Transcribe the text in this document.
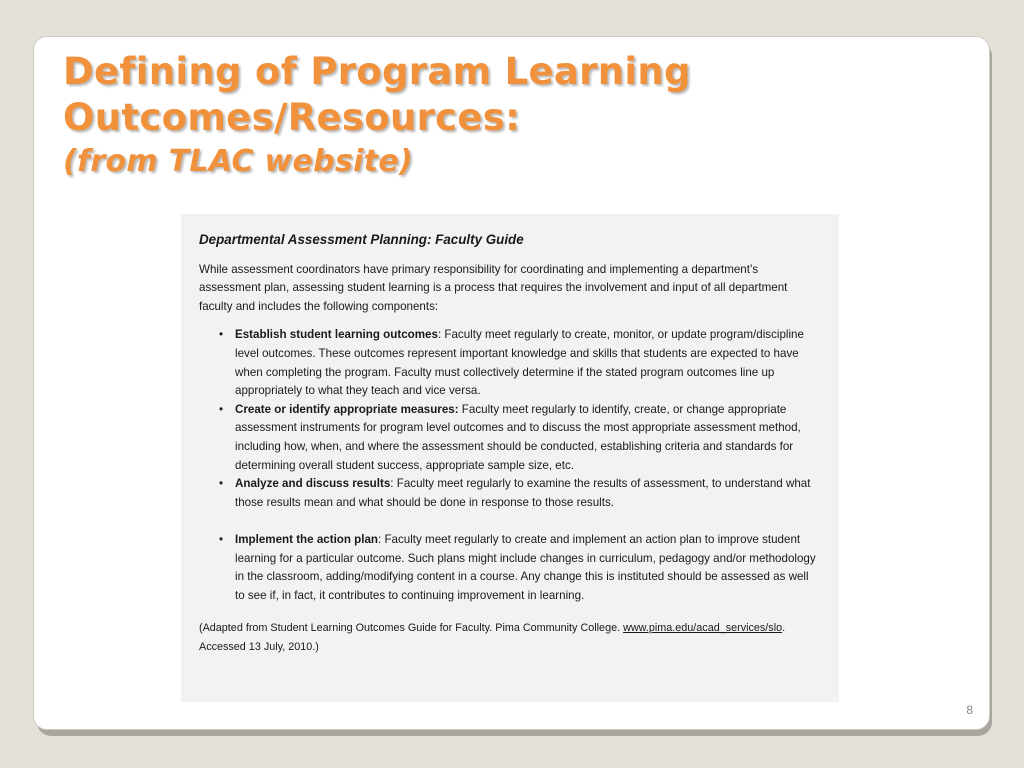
Defining of Program Learning
Outcomes/Resources:
(from TLAC website)
Departmental Assessment Planning: Faculty Guide

While assessment coordinators have primary responsibility for coordinating and implementing a department’s assessment plan, assessing student learning is a process that requires the involvement and input of all department faculty and includes the following components:

• Establish student learning outcomes: Faculty meet regularly to create, monitor, or update program/discipline level outcomes. These outcomes represent important knowledge and skills that students are expected to have when completing the program. Faculty must collectively determine if the stated program outcomes line up appropriately to what they teach and vice versa.
• Create or identify appropriate measures: Faculty meet regularly to identify, create, or change appropriate assessment instruments for program level outcomes and to discuss the most appropriate assessment method, including how, when, and where the assessment should be conducted, establishing criteria and standards for determining overall student success, appropriate sample size, etc.
• Analyze and discuss results: Faculty meet regularly to examine the results of assessment, to understand what those results mean and what should be done in response to those results.
• Implement the action plan: Faculty meet regularly to create and implement an action plan to improve student learning for a particular outcome. Such plans might include changes in curriculum, pedagogy and/or methodology in the classroom, adding/modifying content in a course. Any change this is instituted should be assessed as well to see if, in fact, it contributes to continuing improvement in learning.

(Adapted from Student Learning Outcomes Guide for Faculty. Pima Community College. www.pima.edu/acad_services/slo. Accessed 13 July, 2010.)

8
